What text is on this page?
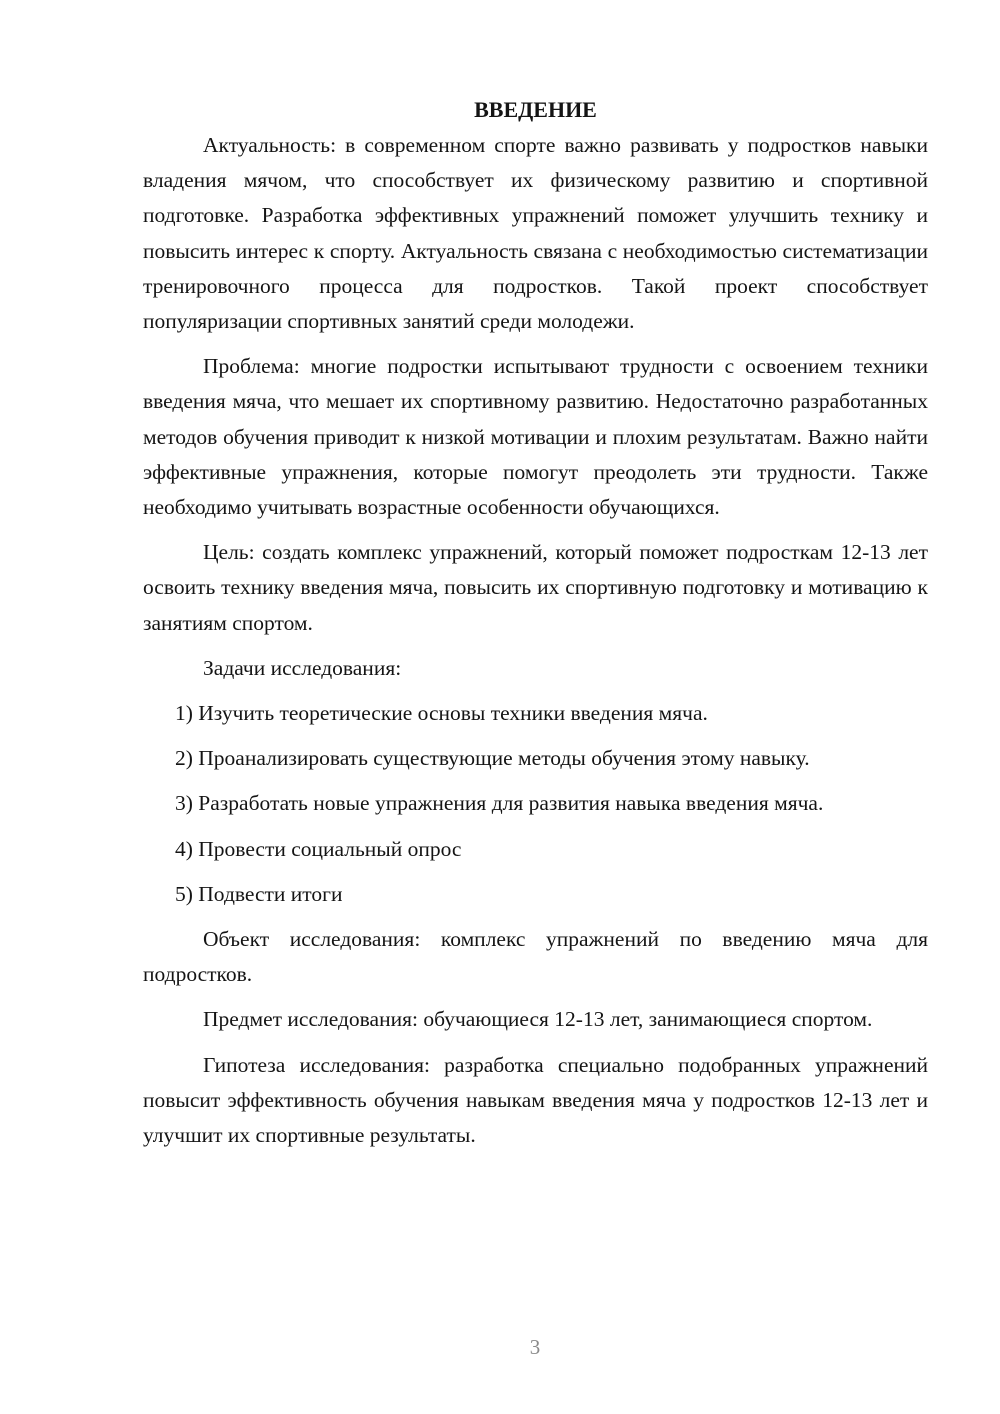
ВВЕДЕНИЕ

Актуальность: в современном спорте важно развивать у подростков навыки владения мячом, что способствует их физическому развитию и спортивной подготовке. Разработка эффективных упражнений поможет улучшить технику и повысить интерес к спорту. Актуальность связана с необходимостью систематизации тренировочного процесса для подростков. Такой проект способствует популяризации спортивных занятий среди молодежи.

Проблема: многие подростки испытывают трудности с освоением техники введения мяча, что мешает их спортивному развитию. Недостаточно разработанных методов обучения приводит к низкой мотивации и плохим результатам. Важно найти эффективные упражнения, которые помогут преодолеть эти трудности. Также необходимо учитывать возрастные особенности обучающихся.

Цель: создать комплекс упражнений, который поможет подросткам 12-13 лет освоить технику введения мяча, повысить их спортивную подготовку и мотивацию к занятиям спортом.

Задачи исследования:
1) Изучить теоретические основы техники введения мяча.
2) Проанализировать существующие методы обучения этому навыку.
3) Разработать новые упражнения для развития навыка введения мяча.
4) Провести социальный опрос
5) Подвести итоги

Объект исследования: комплекс упражнений по введению мяча для подростков.

Предмет исследования: обучающиеся 12-13 лет, занимающиеся спортом.

Гипотеза исследования: разработка специально подобранных упражнений повысит эффективность обучения навыкам введения мяча у подростков 12-13 лет и улучшит их спортивные результаты.

3
